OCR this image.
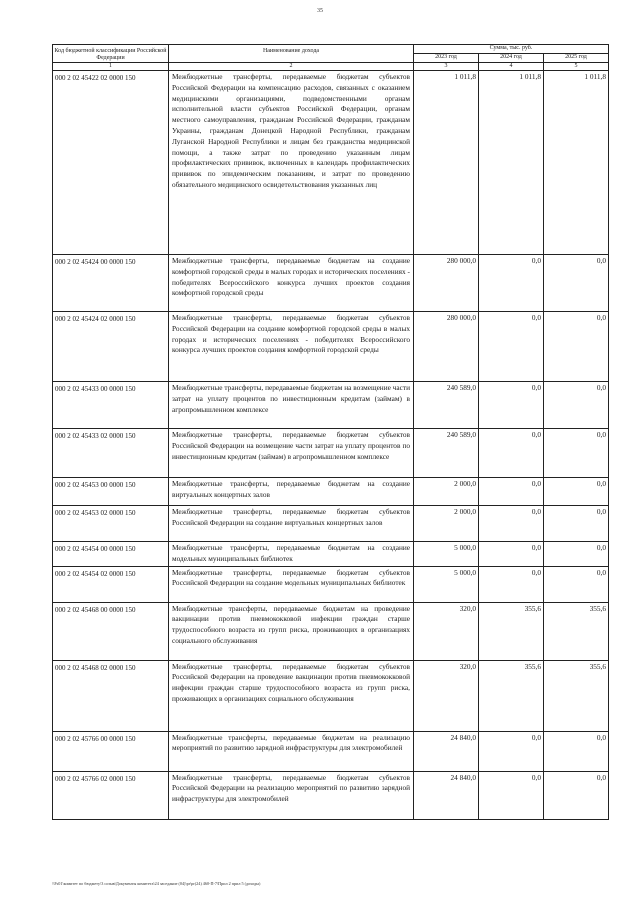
35
Код бюджетной классификации Российской Федерации	Наименование дохода	Сумма, тыс. руб.		
		2023 год	2024 год	2025 год
1	2	3	4	5
000 2 02 45422 02 0000 150	Межбюджетные трансферты, передаваемые бюджетам субъектов Российской Федерации на компенсацию расходов, связанных с оказанием медицинскими организациями, подведомственными органам исполнительной власти субъектов Российской Федерации, органам местного самоуправления, гражданам Российской Федерации, гражданам Украины, гражданам Донецкой Народной Республики, гражданам Луганской Народной Республики и лицам без гражданства медицинской помощи, а также затрат по проведению указанным лицам профилактических прививок, включенных в календарь профилактических прививок по эпидемическим показаниям, и затрат по проведению обязательного медицинского освидетельствования указанных лиц	1 011,8	1 011,8	1 011,8
000 2 02 45424 00 0000 150	Межбюджетные трансферты, передаваемые бюджетам на создание комфортной городской среды в малых городах и исторических поселениях - победителях Всероссийского конкурса лучших проектов создания комфортной городской среды	280 000,0	0,0	0,0
000 2 02 45424 02 0000 150	Межбюджетные трансферты, передаваемые бюджетам субъектов Российской Федерации на создание комфортной городской среды в малых городах и исторических поселениях - победителях Всероссийского конкурса лучших проектов создания комфортной городской среды	280 000,0	0,0	0,0
000 2 02 45433 00 0000 150	Межбюджетные трансферты, передаваемые бюджетам на возмещение части затрат на уплату процентов по инвестиционным кредитам (займам) в агропромышленном комплексе	240 589,0	0,0	0,0
000 2 02 45433 02 0000 150	Межбюджетные трансферты, передаваемые бюджетам субъектов Российской Федерации на возмещение части затрат на уплату процентов по инвестиционным кредитам (займам) в агропромышленном комплексе	240 589,0	0,0	0,0
000 2 02 45453 00 0000 150	Межбюджетные трансферты, передаваемые бюджетам на создание виртуальных концертных залов	2 000,0	0,0	0,0
000 2 02 45453 02 0000 150	Межбюджетные трансферты, передаваемые бюджетам субъектов Российской Федерации на создание виртуальных концертных залов	2 000,0	0,0	0,0
000 2 02 45454 00 0000 150	Межбюджетные трансферты, передаваемые бюджетам на создание модельных муниципальных библиотек	5 000,0	0,0	0,0
000 2 02 45454 02 0000 150	Межбюджетные трансферты, передаваемые бюджетам субъектов Российской Федерации на создание модельных муниципальных библиотек	5 000,0	0,0	0,0
000 2 02 45468 00 0000 150	Межбюджетные трансферты, передаваемые бюджетам на проведение вакцинации против пневмококковой инфекции граждан старше трудоспособного возраста из групп риска, проживающих в организациях социального обслуживания	320,0	355,6	355,6
000 2 02 45468 02 0000 150	Межбюджетные трансферты, передаваемые бюджетам субъектов Российской Федерации на проведение вакцинации против пневмококковой инфекции граждан старше трудоспособного возраста из групп риска, проживающих в организациях социального обслуживания	320,0	355,6	355,6
000 2 02 45766 00 0000 150	Межбюджетные трансферты, передаваемые бюджетам на реализацию мероприятий по развитию зарядной инфраструктуры для электромобилей	24 840,0	0,0	0,0
000 2 02 45766 02 0000 150	Межбюджетные трансферты, передаваемые бюджетам субъектов Российской Федерации на реализацию мероприятий по развитию зарядной инфраструктуры для электромобилей	24 840,0	0,0	0,0
\\Fs01\комитет по бюджету\3 созыв\Документы комитета\24 заседание (04)\pr\pr(24) 460-П-7\Прил 2 прил 5 (доходы)
